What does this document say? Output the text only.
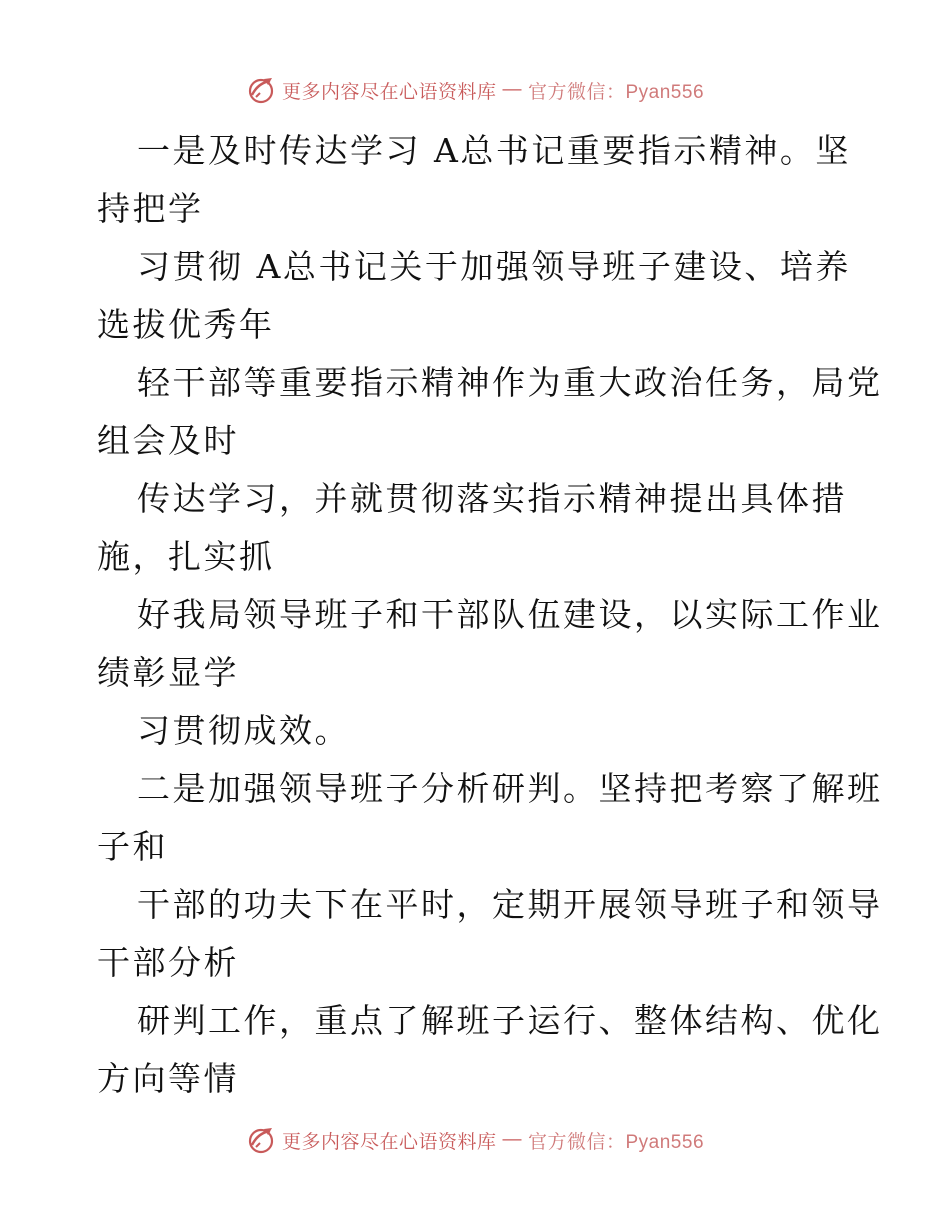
更多内容尽在心语资料库 — 官方微信：Pyan556
一是及时传达学习 A总书记重要指示精神。坚
持把学
习贯彻 A总书记关于加强领导班子建设、培养
选拔优秀年
轻干部等重要指示精神作为重大政治任务，局党
组会及时
传达学习，并就贯彻落实指示精神提出具体措
施，扎实抓
好我局领导班子和干部队伍建设，以实际工作业
绩彰显学
习贯彻成效。
二是加强领导班子分析研判。坚持把考察了解班
子和
干部的功夫下在平时，定期开展领导班子和领导
干部分析
研判工作，重点了解班子运行、整体结构、优化
方向等情
更多内容尽在心语资料库 — 官方微信：Pyan556
